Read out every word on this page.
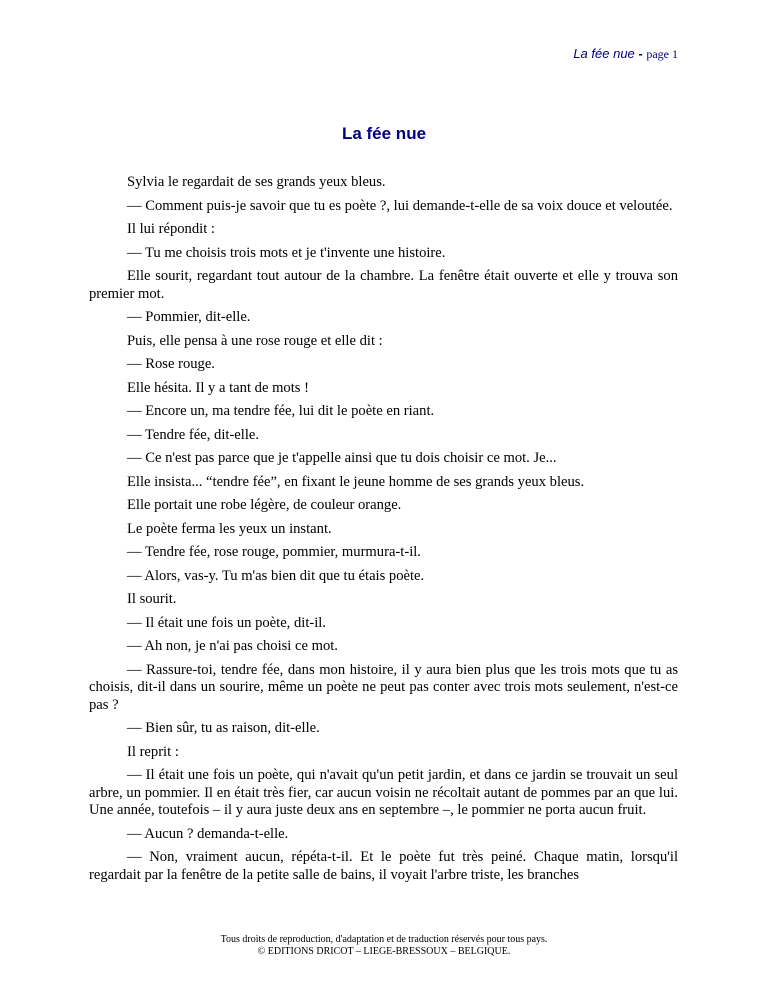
La fée nue - page 1
La fée nue

Sylvia le regardait de ses grands yeux bleus.

— Comment puis-je savoir que tu es poète ?, lui demande-t-elle de sa voix douce et veloutée.

Il lui répondit :

— Tu me choisis trois mots et je t'invente une histoire.

Elle sourit, regardant tout autour de la chambre. La fenêtre était ouverte et elle y trouva son premier mot.

— Pommier, dit-elle.

Puis, elle pensa à une rose rouge et elle dit :

— Rose rouge.

Elle hésita. Il y a tant de mots !

— Encore un, ma tendre fée, lui dit le poète en riant.

— Tendre fée, dit-elle.

— Ce n'est pas parce que je t'appelle ainsi que tu dois choisir ce mot. Je...

Elle insista... “tendre fée”, en fixant le jeune homme de ses grands yeux bleus.

Elle portait une robe légère, de couleur orange.

Le poète ferma les yeux un instant.

— Tendre fée, rose rouge, pommier, murmura-t-il.

— Alors, vas-y. Tu m'as bien dit que tu étais poète.

Il sourit.

— Il était une fois un poète, dit-il.

— Ah non, je n'ai pas choisi ce mot.

— Rassure-toi, tendre fée, dans mon histoire, il y aura bien plus que les trois mots que tu as choisis, dit-il dans un sourire, même un poète ne peut pas conter avec trois mots seulement, n'est-ce pas ?

— Bien sûr, tu as raison, dit-elle.

Il reprit :

— Il était une fois un poète, qui n'avait qu'un petit jardin, et dans ce jardin se trouvait un seul arbre, un pommier. Il en était très fier, car aucun voisin ne récoltait autant de pommes par an que lui. Une année, toutefois – il y aura juste deux ans en septembre –, le pommier ne porta aucun fruit.

— Aucun ? demanda-t-elle.

— Non, vraiment aucun, répéta-t-il. Et le poète fut très peiné. Chaque matin, lorsqu'il regardait par la fenêtre de la petite salle de bains, il voyait l'arbre triste, les branches

Tous droits de reproduction, d'adaptation et de traduction réservés pour tous pays.
© EDITIONS DRICOT – LIEGE-BRESSOUX – BELGIQUE.
